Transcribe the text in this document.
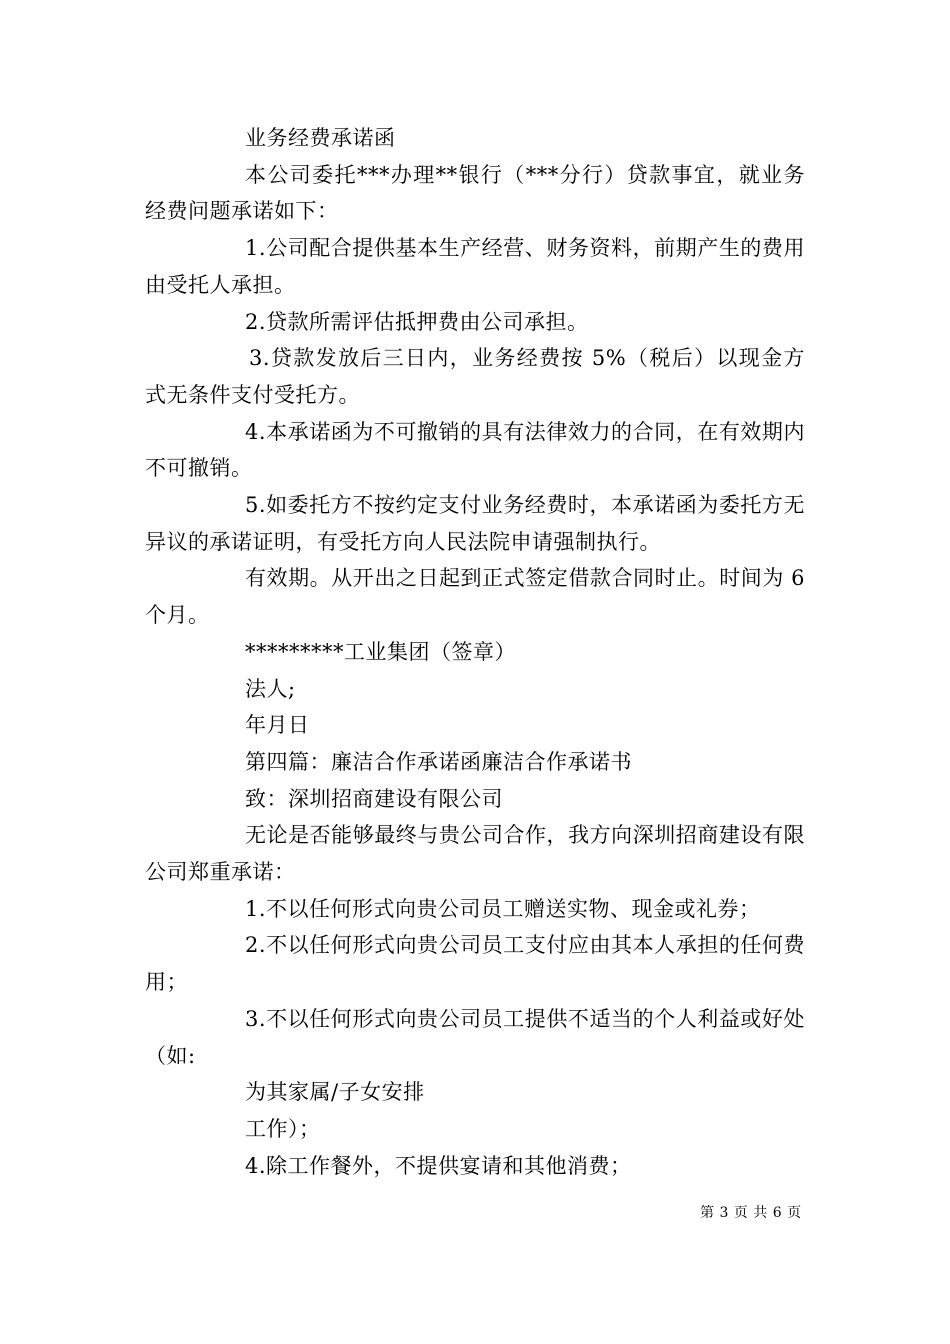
业务经费承诺函

本公司委托***办理**银行（***分行）贷款事宜，就业务经费问题承诺如下：

1.公司配合提供基本生产经营、财务资料，前期产生的费用由受托人承担。

2.贷款所需评估抵押费由公司承担。

3.贷款发放后三日内，业务经费按 5%（税后）以现金方式无条件支付受托方。

4.本承诺函为不可撤销的具有法律效力的合同，在有效期内不可撤销。

5.如委托方不按约定支付业务经费时，本承诺函为委托方无异议的承诺证明，有受托方向人民法院申请强制执行。

有效期。从开出之日起到正式签定借款合同时止。时间为 6 个月。

*********工业集团（签章）

法人;

年月日

第四篇：廉洁合作承诺函廉洁合作承诺书

致：深圳招商建设有限公司

无论是否能够最终与贵公司合作，我方向深圳招商建设有限公司郑重承诺：

1.不以任何形式向贵公司员工赠送实物、现金或礼券；

2.不以任何形式向贵公司员工支付应由其本人承担的任何费用；

3.不以任何形式向贵公司员工提供不适当的个人利益或好处（如:

为其家属/子女安排

工作）；

4.除工作餐外，不提供宴请和其他消费；

第 3 页 共 6 页
